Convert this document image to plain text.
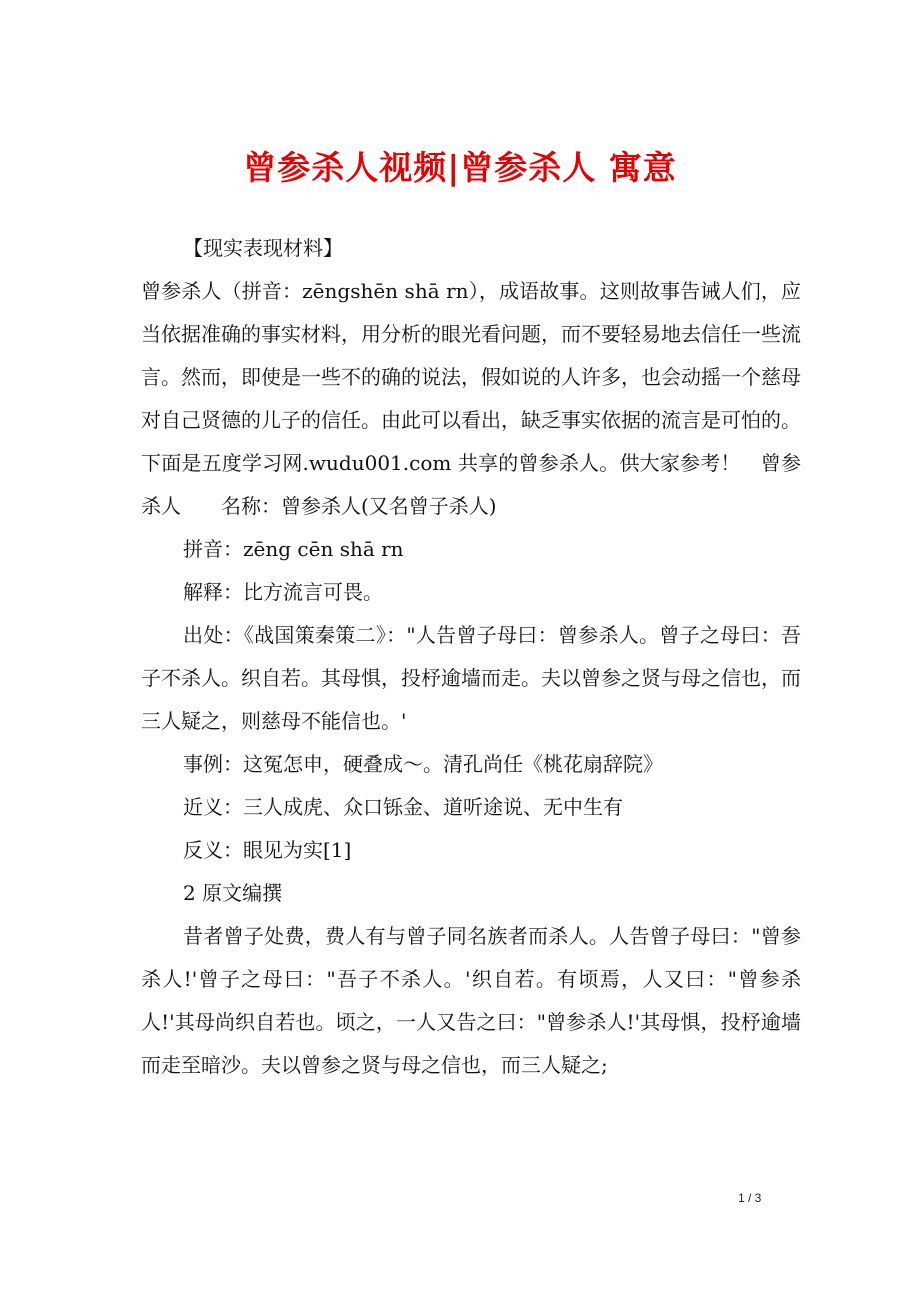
曾参杀人视频|曾参杀人 寓意

【现实表现材料】

曾参杀人（拼音：zēngshēn shā rn），成语故事。这则故事告诫人们，应当依据准确的事实材料，用分析的眼光看问题，而不要轻易地去信任一些流言。然而，即使是一些不的确的说法，假如说的人许多，也会动摇一个慈母对自己贤德的儿子的信任。由此可以看出，缺乏事实依据的流言是可怕的。下面是五度学习网.wudu001.com 共享的曾参杀人。供大家参考！　曾参杀人　　名称：曾参杀人(又名曾子杀人)

拼音：zēng cēn shā rn

解释：比方流言可畏。

出处：《战国策秦策二》："人告曾子母曰：曾参杀人。曾子之母曰：吾子不杀人。织自若。其母惧，投杼逾墙而走。夫以曾参之贤与母之信也，而三人疑之，则慈母不能信也。'

事例：这冤怎申，硬叠成～。清孔尚任《桃花扇辞院》

近义：三人成虎、众口铄金、道听途说、无中生有

反义：眼见为实[1]

2 原文编撰

昔者曾子处费，费人有与曾子同名族者而杀人。人告曾子母曰："曾参杀人!'曾子之母曰："吾子不杀人。'织自若。有顷焉，人又曰："曾参杀人!'其母尚织自若也。顷之，一人又告之曰："曾参杀人!'其母惧，投杼逾墙而走至暗沙。夫以曾参之贤与母之信也，而三人疑之;

1 / 3
